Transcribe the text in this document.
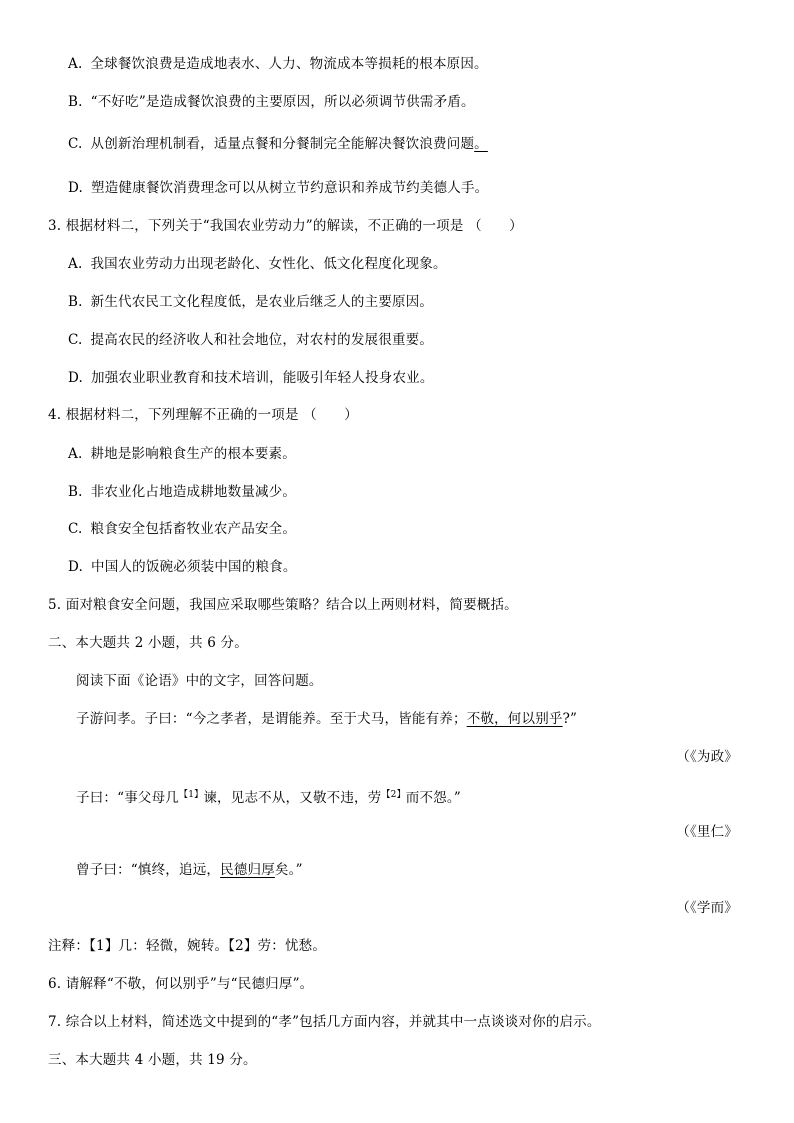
A. 全球餐饮浪费是造成地表水、人力、物流成本等损耗的根本原因。
B. “不好吃”是造成餐饮浪费的主要原因，所以必须调节供需矛盾。
C. 从创新治理机制看，适量点餐和分餐制完全能解决餐饮浪费问题。
D. 塑造健康餐饮消费理念可以从树立节约意识和养成节约美德人手。
3. 根据材料二，下列关于“我国农业劳动力”的解读，不正确的一项是 （　　）
A. 我国农业劳动力出现老龄化、女性化、低文化程度化现象。
B. 新生代农民工文化程度低，是农业后继乏人的主要原因。
C. 提高农民的经济收人和社会地位，对农村的发展很重要。
D. 加强农业职业教育和技术培训，能吸引年轻人投身农业。
4. 根据材料二，下列理解不正确的一项是 （　　）
A. 耕地是影响粮食生产的根本要素。
B. 非农业化占地造成耕地数量减少。
C. 粮食安全包括畜牧业农产品安全。
D. 中国人的饭碗必须装中国的粮食。
5. 面对粮食安全问题，我国应采取哪些策略？结合以上两则材料，简要概括。
二、本大题共 2 小题，共 6 分。
阅读下面《论语》中的文字，回答问题。
子游问孝。子曰：“今之孝者，是谓能养。至于犬马，皆能有养；不敬，何以别乎?”
（《为政》
子曰：“事父母几$^{【1】}$谏，见志不从，又敬不违，劳$^{【2】}$而不怨。”
（《里仁》
曾子曰：“慎终，追远，民德归厚矣。”
（《学而》
注释：【1】几：轻微，婉转。【2】劳：忧愁。
6. 请解释“不敬，何以别乎”与“民德归厚”。
7. 综合以上材料，简述选文中提到的“孝”包括几方面内容，并就其中一点谈谈对你的启示。
三、本大题共 4 小题，共 19 分。
